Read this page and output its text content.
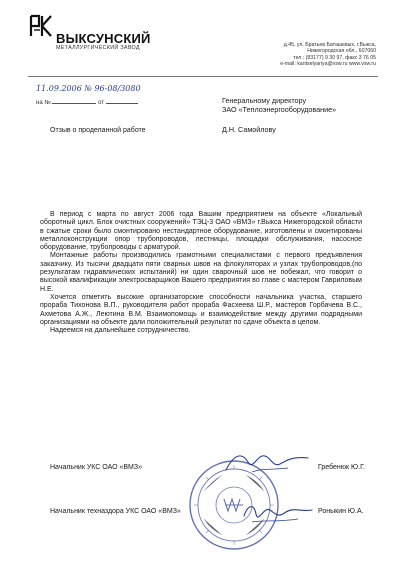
ВЫКСУНСКИЙ
МЕТАЛЛУРГИЧЕСКИЙ ЗАВОД	д.45, ул. Братьев Баташевых, г.Выкса,
Нижегородская обл., 607060
тел.: (83177) 9 30 97, факс 3 76 05
e-mail: kantselyariya@vsw.ru www.vsw.ru
11.09.2006 № 96-08/3080
на №	от	Генеральному директору
ЗАО «Теплоэнергооборудование»
Д.Н. Самойлову
Отзыв о проделанной работе

В период с марта по август 2006 года Вашим предприятием на объекте «Локальный оборотный цикл. Блок очистных сооружений» ТЭЦ-3 ОАО «ВМЗ» г.Выкса Нижегородской области в сжатые сроки было смонтировано нестандартное оборудование, изготовлены и смонтированы металлоконструкции опор трубопроводов, лестницы, площадки обслуживания, насосное оборудование, трубопроводы с арматурой.

Монтажные работы производились грамотными специалистами с первого предъявления заказчику. Из тысячи двадцати пяти сварных швов на флокуляторах и узлах трубопроводов,(по результатам гидравлических испытаний) ни один сварочный шов не побежал, что говорит о высокой квалификации электросварщиков Вашего предприятия во главе с мастером Гавриловым Н.Е.

Хочется отметить высокие организаторские способности начальника участка, старшего прораба Тихонова В.П., руководителя работ прораба Фасхеева Ш.Р., мастеров Горбачева В.С., Ахметова А.Ж., Леютина В.М. Взаимопомощь и взаимодействие между другими подрядными организациями на объекте дали положительный результат по сдаче объекта в целом.

Надеемся на дальнейшее сотрудничество.

Начальник УКС ОАО «ВМЗ»	Гребенюк Ю.Г.
Начальник техназдора УКС ОАО «ВМЗ»	Роныкин Ю.А.
